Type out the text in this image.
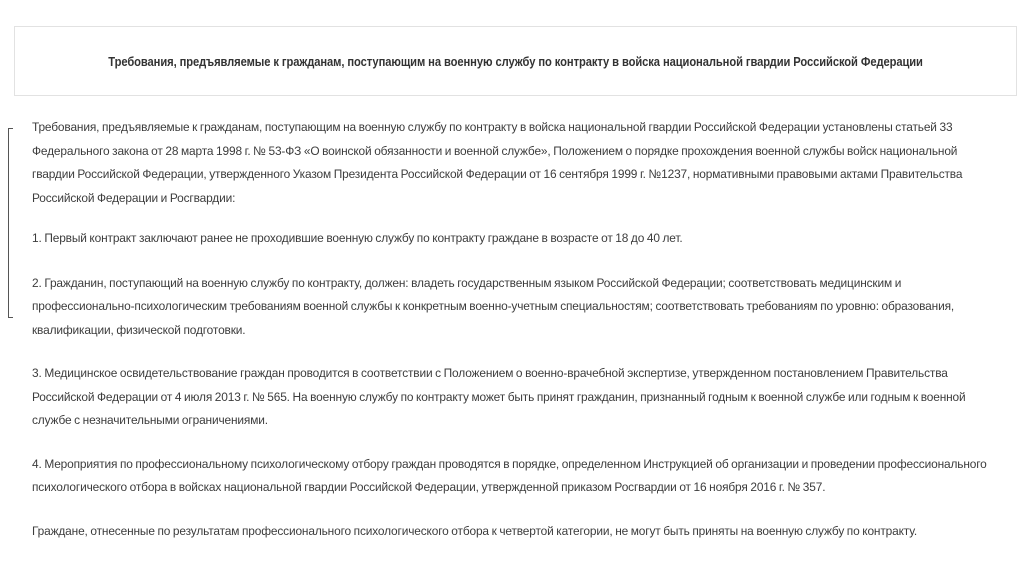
Требования, предъявляемые к гражданам, поступающим на военную службу по контракту в войска национальной гвардии Российской Федерации

Требования, предъявляемые к гражданам, поступающим на военную службу по контракту в войска национальной гвардии Российской Федерации установлены статьей 33 Федерального закона от 28 марта 1998 г. № 53-ФЗ «О воинской обязанности и военной службе», Положением о порядке прохождения военной службы войск национальной гвардии Российской Федерации, утвержденного Указом Президента Российской Федерации от 16 сентября 1999 г. №1237, нормативными правовыми актами Правительства Российской Федерации и Росгвардии:

1. Первый контракт заключают ранее не проходившие военную службу по контракту граждане в возрасте от 18 до 40 лет.

2. Гражданин, поступающий на военную службу по контракту, должен: владеть государственным языком Российской Федерации; соответствовать медицинским и профессионально-психологическим требованиям военной службы к конкретным военно-учетным специальностям; соответствовать требованиям по уровню: образования, квалификации, физической подготовки.

3. Медицинское освидетельствование граждан проводится в соответствии с Положением о военно-врачебной экспертизе, утвержденном постановлением Правительства Российской Федерации от 4 июля 2013 г. № 565. На военную службу по контракту может быть принят гражданин, признанный годным к военной службе или годным к военной службе с незначительными ограничениями.

4. Мероприятия по профессиональному психологическому отбору граждан проводятся в порядке, определенном Инструкцией об организации и проведении профессионального психологического отбора в войсках национальной гвардии Российской Федерации, утвержденной приказом Росгвардии от 16 ноября 2016 г. № 357.

Граждане, отнесенные по результатам профессионального психологического отбора к четвертой категории, не могут быть приняты на военную службу по контракту.
